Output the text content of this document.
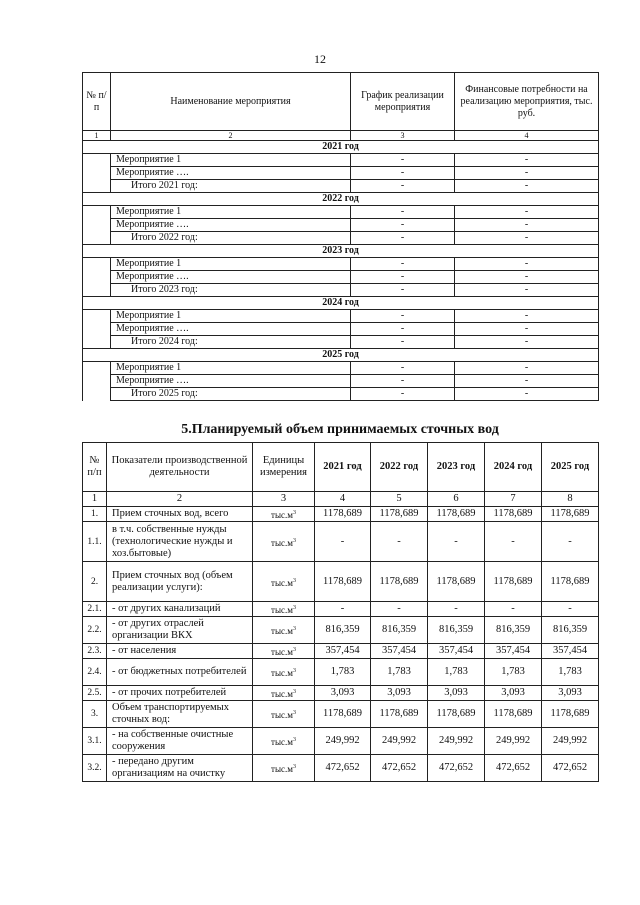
12
№ п/п	Наименование мероприятия	График реализации мероприятия	Финансовые потребности на реализацию мероприятия, тыс. руб.
1	2	3	4
2021 год			
	Мероприятие 1	-	-
	Мероприятие ….	-	-
	Итого 2021 год:	-	-
2022 год			
	Мероприятие 1	-	-
	Мероприятие ….	-	-
	Итого 2022 год:	-	-
2023 год			
	Мероприятие 1	-	-
	Мероприятие ….	-	-
	Итого 2023 год:	-	-
2024 год			
	Мероприятие 1	-	-
	Мероприятие ….	-	-
	Итого 2024 год:	-	-
2025 год			
	Мероприятие 1	-	-
	Мероприятие ….	-	-
	Итого 2025 год:	-	-
5.Планируемый объем принимаемых сточных вод
№ п/п	Показатели производственной деятельности	Единицы измерения	2021 год	2022 год	2023 год	2024 год	2025 год
1	2	3	4	5	6	7	8
1.	Прием сточных вод, всего	$тыс.м^3$	1178,689	1178,689	1178,689	1178,689	1178,689
1.1.	в т.ч. собственные нужды (технологические нужды и хоз.бытовые)	$тыс.м^3$	-	-	-	-	-
2.	Прием сточных вод (объем реализации услуги):	$тыс.м^3$	1178,689	1178,689	1178,689	1178,689	1178,689
2.1.	- от других канализаций	$тыс.м^3$	-	-	-	-	-
2.2.	- от других отраслей организации ВКХ	$тыс.м^3$	816,359	816,359	816,359	816,359	816,359
2.3.	- от населения	$тыс.м^3$	357,454	357,454	357,454	357,454	357,454
2.4.	- от бюджетных потребителей	$тыс.м^3$	1,783	1,783	1,783	1,783	1,783
2.5.	- от прочих потребителей	$тыс.м^3$	3,093	3,093	3,093	3,093	3,093
3.	Объем транспортируемых сточных вод:	$тыс.м^3$	1178,689	1178,689	1178,689	1178,689	1178,689
3.1.	- на собственные очистные сооружения	$тыс.м^3$	249,992	249,992	249,992	249,992	249,992
3.2.	- передано другим организациям на очистку	$тыс.м^3$	472,652	472,652	472,652	472,652	472,652
